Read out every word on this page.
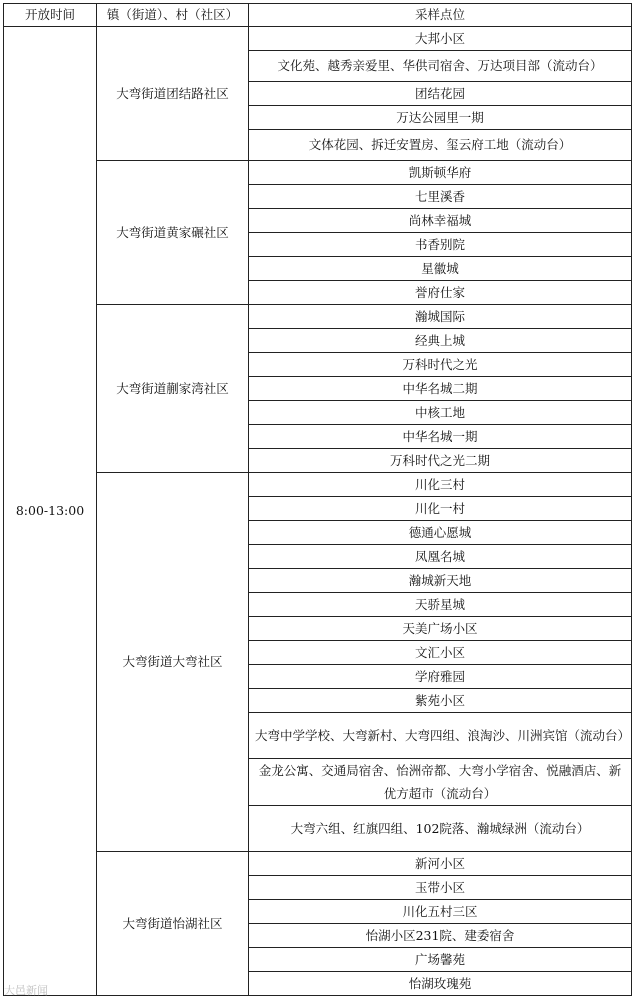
开放时间	镇（街道）、村（社区）	采样点位
8:00-13:00	大弯街道团结路社区	大邦小区
		文化苑、越秀亲爱里、华供司宿舍、万达项目部（流动台）
		团结花园
		万达公园里一期
		文体花园、拆迁安置房、玺云府工地（流动台）
	大弯街道黄家碾社区	凯斯顿华府
		七里溪香
		尚林幸福城
		书香别院
		星徽城
		誉府仕家
	大弯街道蒯家湾社区	瀚城国际
		经典上城
		万科时代之光
		中华名城二期
		中核工地
		中华名城一期
		万科时代之光二期
	大弯街道大弯社区	川化三村
		川化一村
		德通心愿城
		凤凰名城
		瀚城新天地
		天骄星城
		天美广场小区
		文汇小区
		学府雅园
		紫苑小区
		大弯中学学校、大弯新村、大弯四组、浪淘沙、川洲宾馆（流动台）
		金龙公寓、交通局宿舍、怡洲帝都、大弯小学宿舍、悦融酒店、新优方超市（流动台）
		大弯六组、红旗四组、102院落、瀚城绿洲（流动台）
	大弯街道怡湖社区	新河小区
		玉带小区
		川化五村三区
		怡湖小区231院、建委宿舍
		广场馨苑
		怡湖玫瑰苑
大邑新闻
